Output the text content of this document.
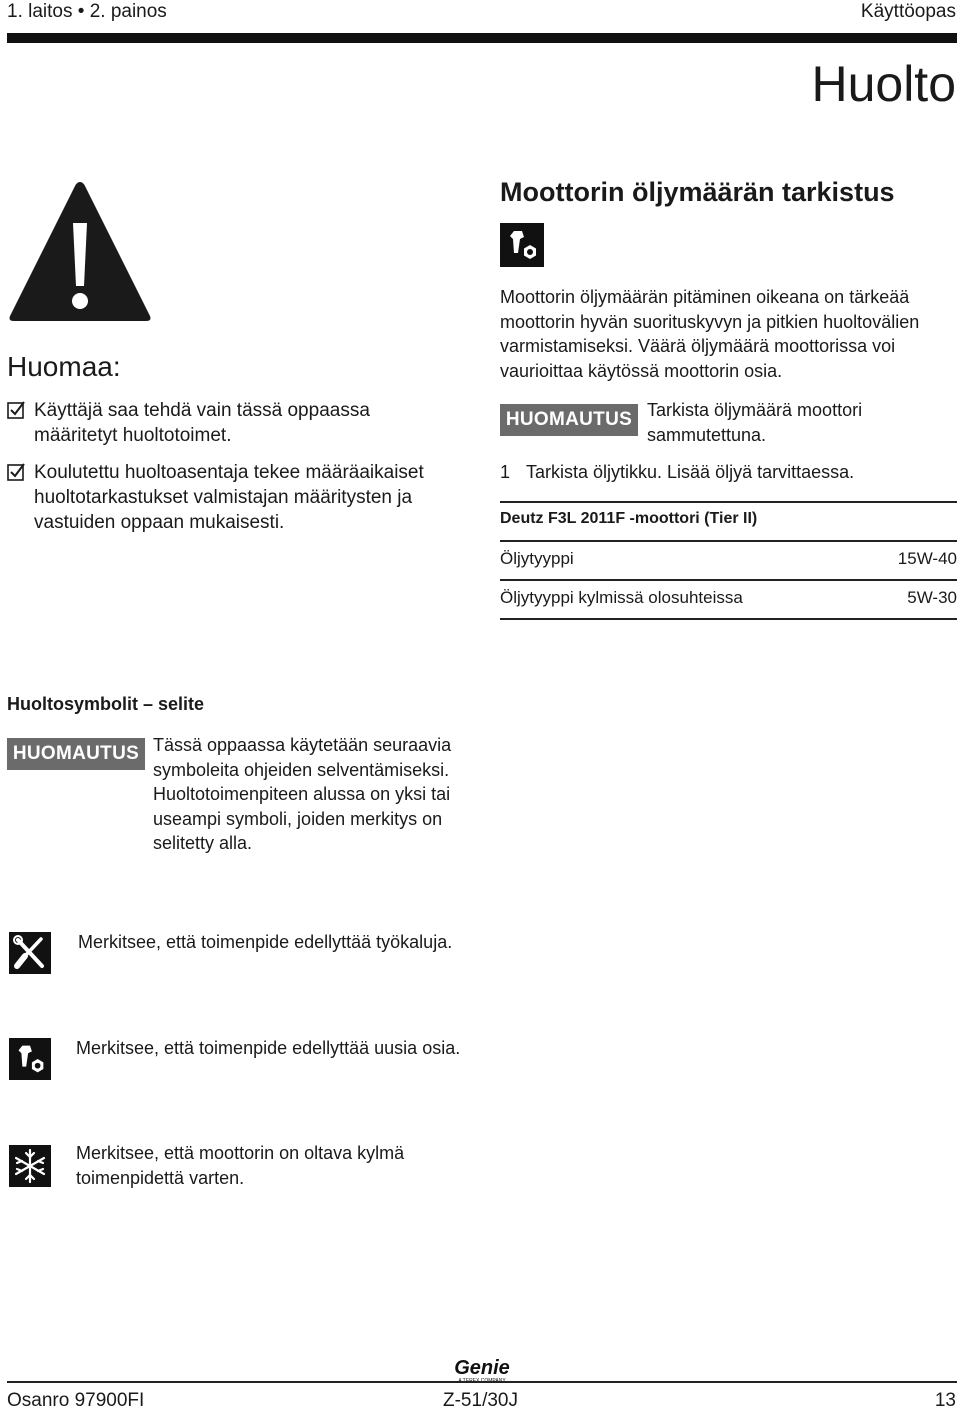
1. laitos • 2. painos	Käyttöopas
Huolto
Huomaa:
Käyttäjä saa tehdä vain tässä oppaassa määritetyt huoltotoimet.
Koulutettu huoltoasentaja tekee määräaikaiset huoltotarkastukset valmistajan määritysten ja vastuiden oppaan mukaisesti.
Moottorin öljymäärän tarkistus
Moottorin öljymäärän pitäminen oikeana on tärkeää moottorin hyvän suorituskyvyn ja pitkien huoltovälien varmistamiseksi. Väärä öljymäärä moottorissa voi vaurioittaa käytössä moottorin osia.
HUOMAUTUS Tarkista öljymäärä moottori sammutettuna.
1 Tarkista öljytikku. Lisää öljyä tarvittaessa.
Deutz F3L 2011F -moottori (Tier II)
Öljytyyppi	15W-40
Öljytyyppi kylmissä olosuhteissa	5W-30
Huoltosymbolit – selite
HUOMAUTUS Tässä oppaassa käytetään seuraavia symboleita ohjeiden selventämiseksi. Huoltotoimenpiteen alussa on yksi tai useampi symboli, joiden merkitys on selitetty alla.
Merkitsee, että toimenpide edellyttää työkaluja.
Merkitsee, että toimenpide edellyttää uusia osia.
Merkitsee, että moottorin on oltava kylmä toimenpidettä varten.
Genie
Osanro 97900FI	Z-51/30J	13
